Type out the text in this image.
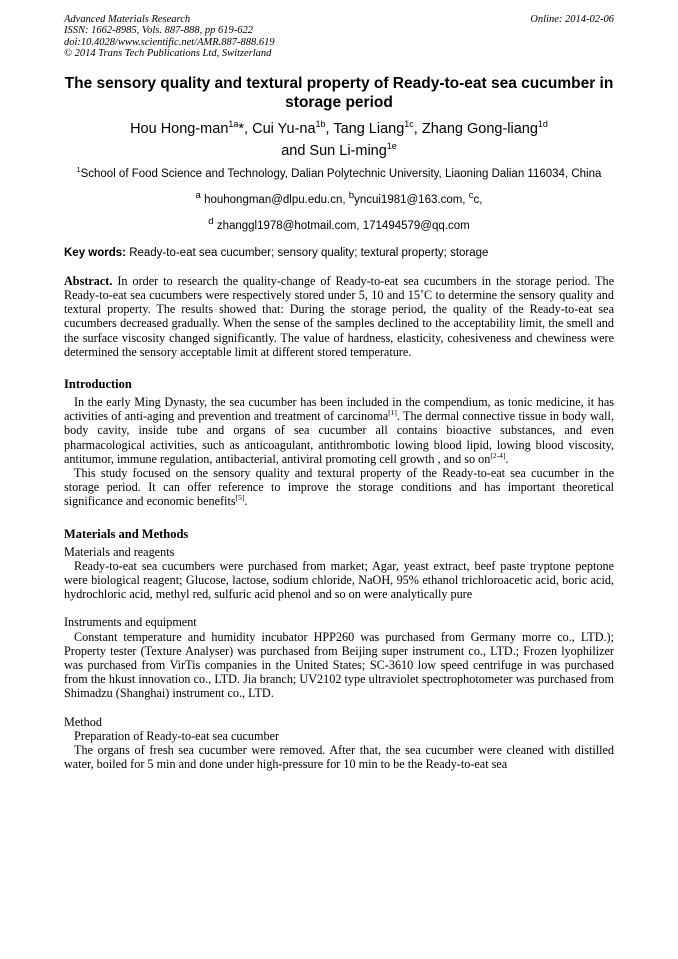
Advanced Materials Research
ISSN: 1662-8985, Vols. 887-888, pp 619-622
doi:10.4028/www.scientific.net/AMR.887-888.619
© 2014 Trans Tech Publications Ltd, Switzerland
Online: 2014-02-06
The sensory quality and textural property of Ready-to-eat sea cucumber in storage period
Hou Hong-man$^{1a}$*, Cui $Yu-na^{1b}$, Tang Liang$^{1c}$, Zhang Gong-liang$^{1d}$
and Sun Li-ming$^{1e}$
$^1$School of Food Science and Technology, Dalian Polytechnic University, Liaoning Dalian 116034, China
$^a$ houhongman@dlpu.edu.cn, $^b$yncui1981@163.com, $^c$c,
$^d$ zhanggl1978@hotmail.com, 171494579@qq.com
Key words: Ready-to-eat sea cucumber; sensory quality; textural property; storage
Abstract. In order to research the quality-change of Ready-to-eat sea cucumbers in the storage period. The Ready-to-eat sea cucumbers were respectively stored under 5, 10 and 15˚C to determine the sensory quality and textural property. The results showed that: During the storage period, the quality of the Ready-to-eat sea cucumbers decreased gradually. When the sense of the samples declined to the acceptability limit, the smell and the surface viscosity changed significantly. The value of hardness, elasticity, cohesiveness and chewiness were determined the sensory acceptable limit at different stored temperature.
Introduction

In the early Ming Dynasty, the sea cucumber has been included in the compendium, as tonic medicine, it has activities of anti-aging and prevention and treatment of carcinoma[1]. The dermal connective tissue in body wall, body cavity, inside tube and organs of sea cucumber all contains bioactive substances, and even pharmacological activities, such as anticoagulant, antithrombotic lowing blood lipid, lowing blood viscosity, antitumor, immune regulation, antibacterial, antiviral promoting cell growth , and so on[2-4].

This study focused on the sensory quality and textural property of the Ready-to-eat sea cucumber in the storage period. It can offer reference to improve the storage conditions and has important theoretical significance and economic benefits[5].

Materials and Methods
Materials and reagents

Ready-to-eat sea cucumbers were purchased from market; Agar, yeast extract, beef paste tryptone peptone were biological reagent; Glucose, lactose, sodium chloride, NaOH, 95% ethanol trichloroacetic acid, boric acid, hydrochloric acid, methyl red, sulfuric acid phenol and so on were analytically pure

Instruments and equipment

Constant temperature and humidity incubator HPP260 was purchased from Germany morre co., LTD.); Property tester (Texture Analyser) was purchased from Beijing super instrument co., LTD.; Frozen lyophilizer was purchased from VirTis companies in the United States; SC-3610 low speed centrifuge in was purchased from the hkust innovation co., LTD. Jia branch; UV2102 type ultraviolet spectrophotometer was purchased from Shimadzu (Shanghai) instrument co., LTD.

Method
Preparation of Ready-to-eat sea cucumber

The organs of fresh sea cucumber were removed. After that, the sea cucumber were cleaned with distilled water, boiled for 5 min and done under high-pressure for 10 min to be the Ready-to-eat sea
